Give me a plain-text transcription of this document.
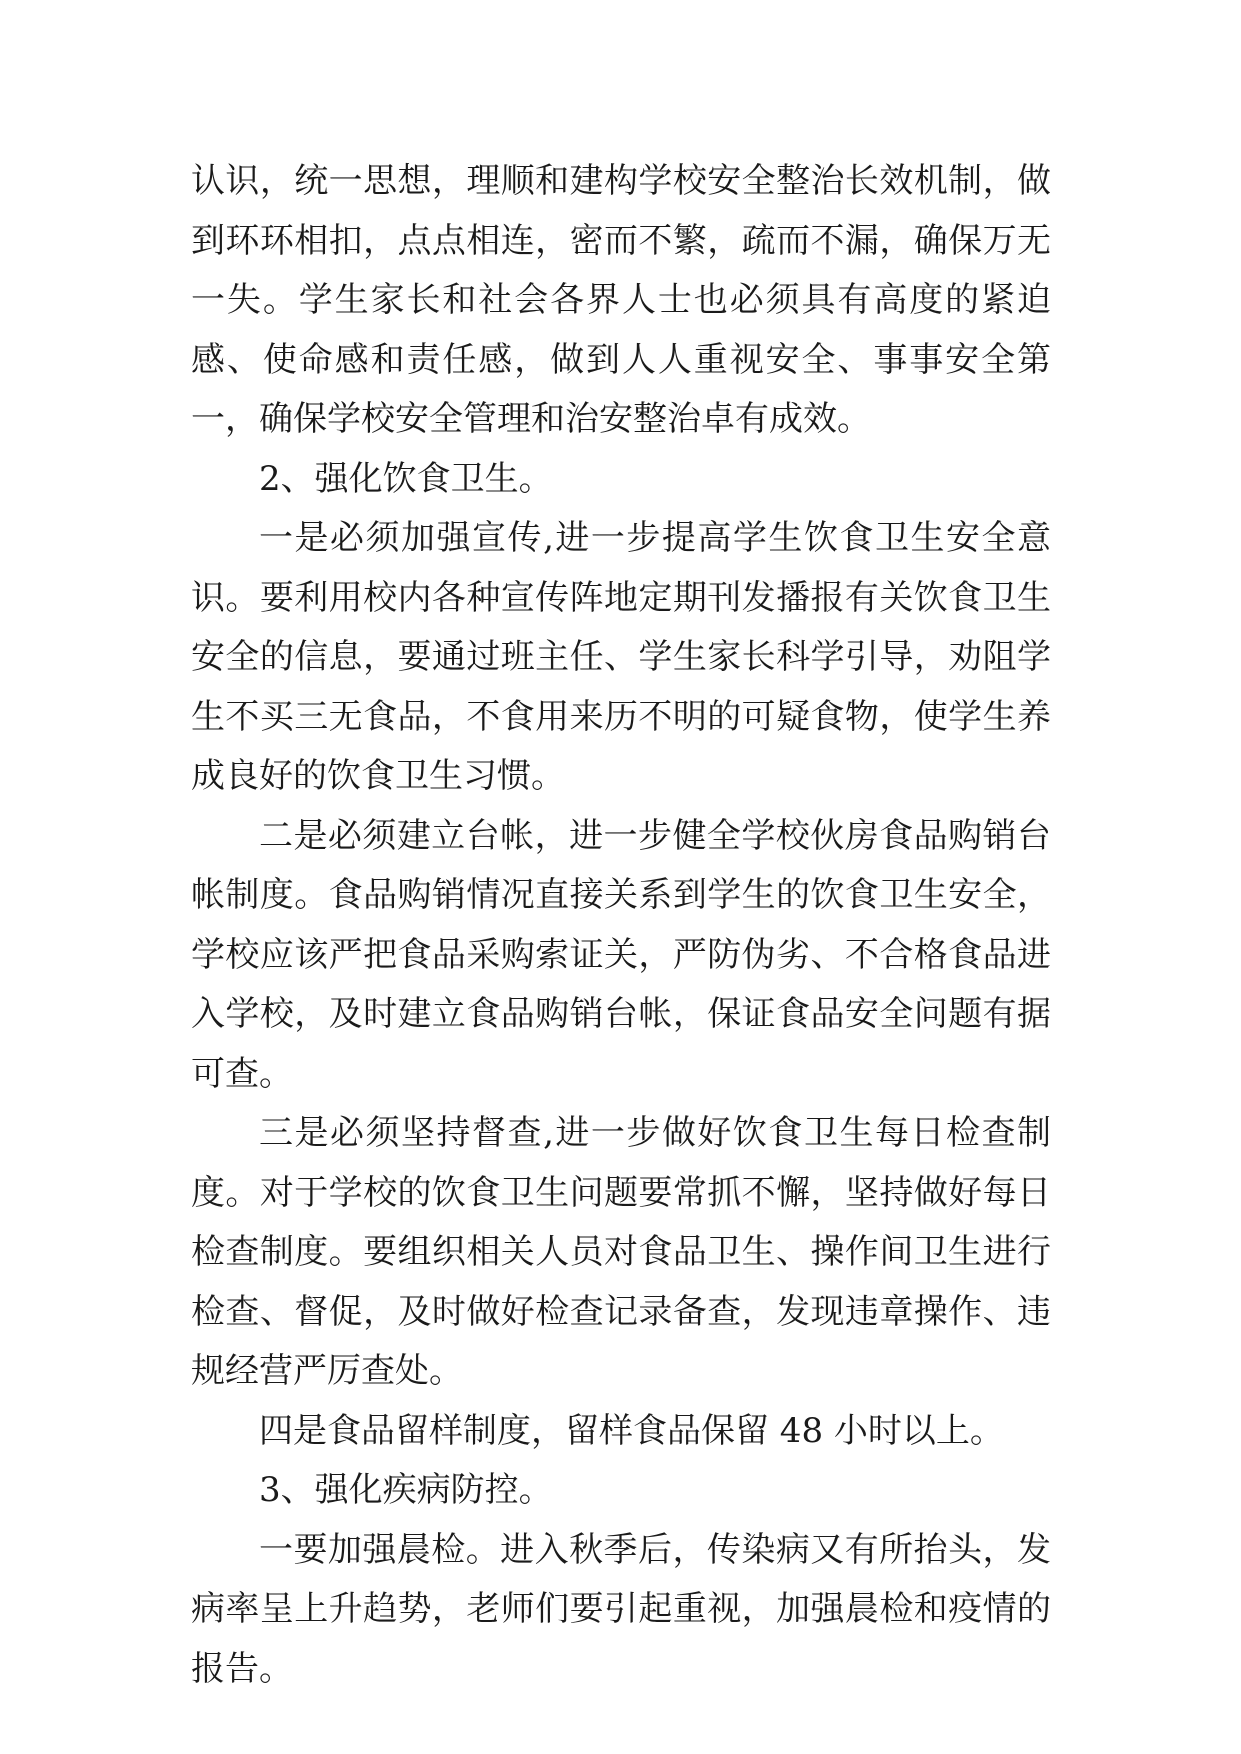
认识，统一思想，理顺和建构学校安全整治长效机制，做到环环相扣，点点相连，密而不繁，疏而不漏，确保万无一失。学生家长和社会各界人士也必须具有高度的紧迫感、使命感和责任感，做到人人重视安全、事事安全第一，确保学校安全管理和治安整治卓有成效。

2、强化饮食卫生。

一是必须加强宣传,进一步提高学生饮食卫生安全意识。要利用校内各种宣传阵地定期刊发播报有关饮食卫生安全的信息，要通过班主任、学生家长科学引导，劝阻学生不买三无食品，不食用来历不明的可疑食物，使学生养成良好的饮食卫生习惯。

二是必须建立台帐，进一步健全学校伙房食品购销台帐制度。食品购销情况直接关系到学生的饮食卫生安全，学校应该严把食品采购索证关，严防伪劣、不合格食品进入学校，及时建立食品购销台帐，保证食品安全问题有据可查。

三是必须坚持督查,进一步做好饮食卫生每日检查制度。对于学校的饮食卫生问题要常抓不懈，坚持做好每日检查制度。要组织相关人员对食品卫生、操作间卫生进行检查、督促，及时做好检查记录备查，发现违章操作、违规经营严厉查处。

四是食品留样制度，留样食品保留 48 小时以上。

3、强化疾病防控。

一要加强晨检。进入秋季后，传染病又有所抬头，发病率呈上升趋势，老师们要引起重视，加强晨检和疫情的报告。
